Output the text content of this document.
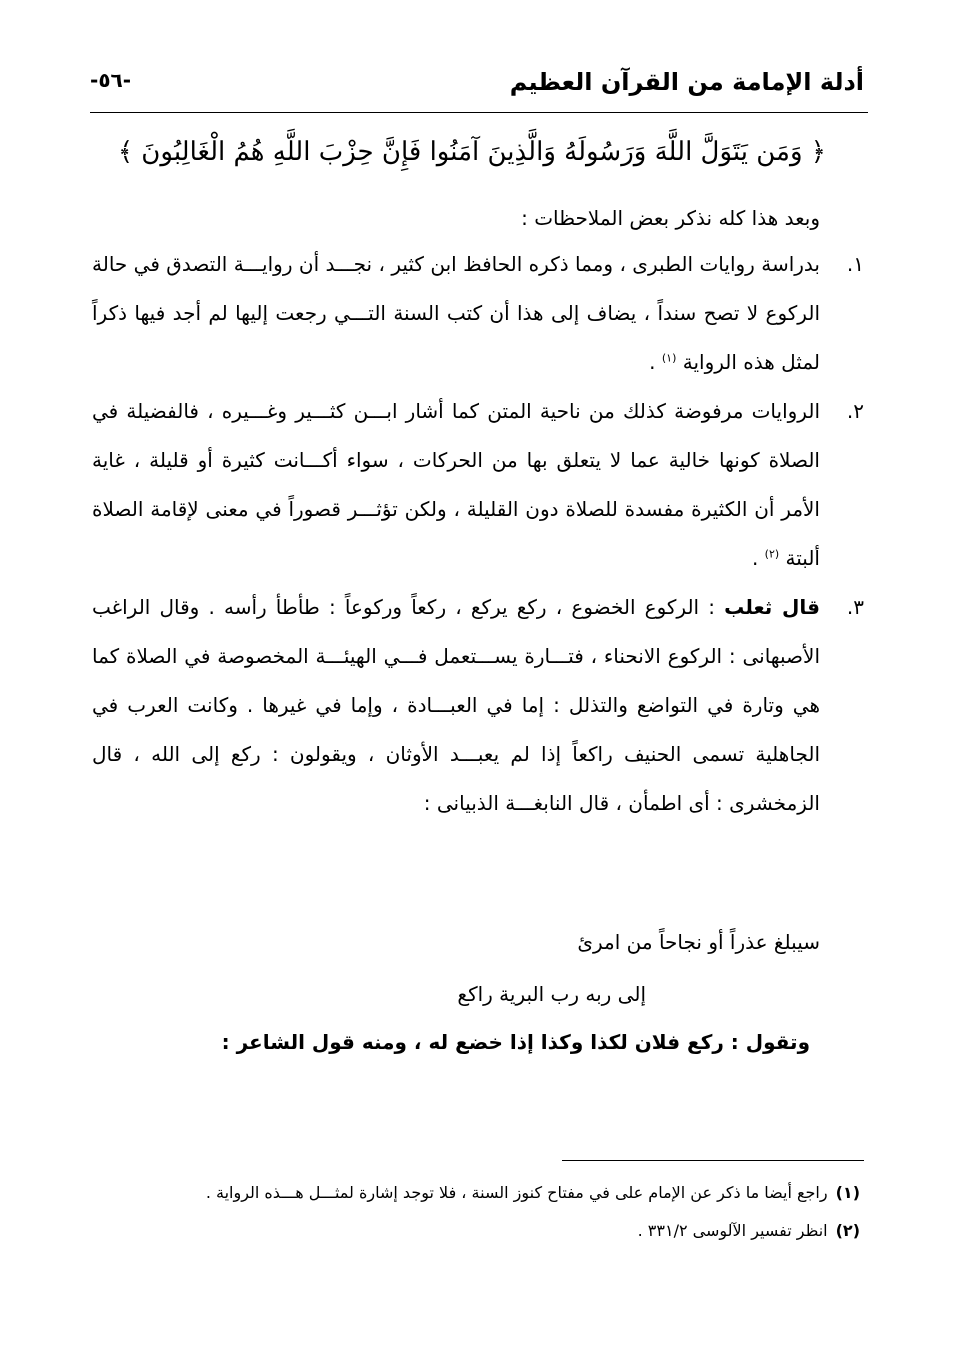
أدلة الإمامة من القرآن العظيم
-٥٦-
﴿ وَمَن يَتَوَلَّ اللَّهَ وَرَسُولَهُ وَالَّذِينَ آمَنُوا فَإِنَّ حِزْبَ اللَّهِ هُمُ الْغَالِبُونَ ﴾
وبعد هذا كله نذكر بعض الملاحظات :
١.
بدراسة روايات الطبرى ، ومما ذكره الحافظ ابن كثير ، نجـــد أن روايـــة التصدق في حالة الركوع لا تصح سنداً ، يضاف إلى هذا أن كتب السنة التـــي رجعت إليها لم أجد فيها ذكراً لمثل هذه الرواية $^{(١)}$ .
٢.
الروايات مرفوضة كذلك من ناحية المتن كما أشار ابـــن كثـــير وغـــيره ، فالفضيلة في الصلاة كونها خالية عما لا يتعلق بها من الحركات ، سواء أكـــانت كثيرة أو قليلة ، غاية الأمر أن الكثيرة مفسدة للصلاة دون القليلة ، ولكن تؤثـــر قصوراً في معنى لإقامة الصلاة ألبتة $^{(٢)}$ .
٣.
قال ثعلب : الركوع الخضوع ، ركع يركع ، ركعاً وركوعاً : طأطأ رأسه . وقال الراغب الأصبهانى : الركوع الانحناء ، فتـــارة يســـتعمل فـــي الهيئـــة المخصوصة في الصلاة كما هي وتارة في التواضع والتذلل : إما في العبـــادة ، وإما في غيرها . وكانت العرب في الجاهلية تسمى الحنيف راكعاً إذا لم يعبـــد الأوثان ، ويقولون : ركع إلى الله ، قال الزمخشرى : أى اطمأن ، قال النابغـــة الذبيانى :
سيبلغ عذراً أو نجاحاً من امرئ
إلى ربه رب البرية راكع
وتقول : ركع فلان لكذا وكذا إذا خضع له ، ومنه قول الشاعر :
(١)راجع أيضا ما ذكر عن الإمام على في مفتاح كنوز السنة ، فلا توجد إشارة لمثـــل هـــذه الرواية .
(٢)انظر تفسير الآلوسى ٣٣١/٢ .
